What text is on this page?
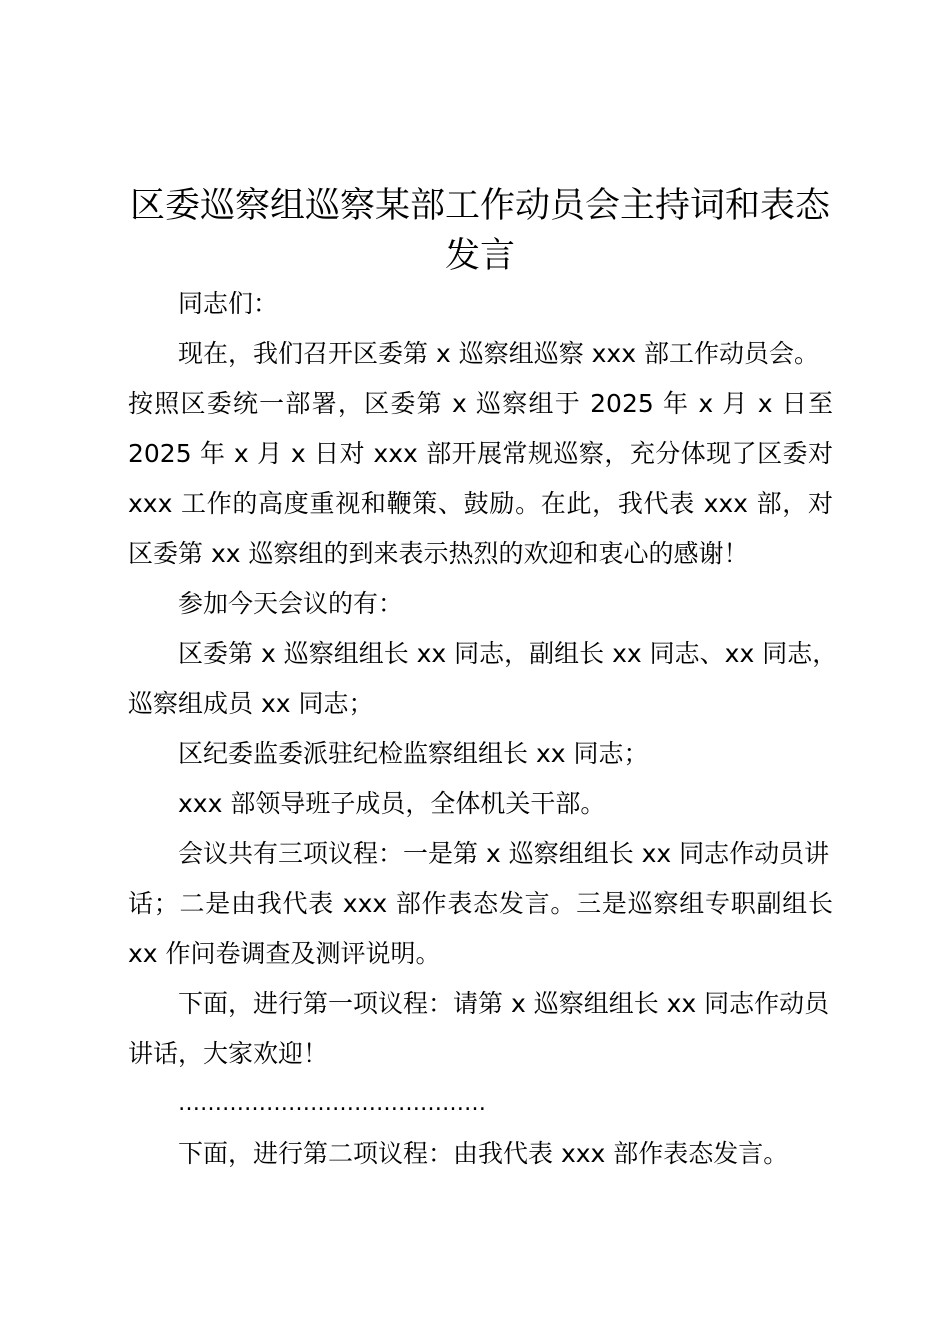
区委巡察组巡察某部工作动员会主持词和表态
发言

同志们：

现在，我们召开区委第 x 巡察组巡察 xxx 部工作动员会。
按照区委统一部署，区委第 x 巡察组于 2025 年 x 月 x 日至
2025 年 x 月 x 日对 xxx 部开展常规巡察，充分体现了区委对
xxx 工作的高度重视和鞭策、鼓励。在此，我代表 xxx 部，对
区委第 xx 巡察组的到来表示热烈的欢迎和衷心的感谢！

参加今天会议的有：

区委第 x 巡察组组长 xx 同志，副组长 xx 同志、xx 同志，
巡察组成员 xx 同志；

区纪委监委派驻纪检监察组组长 xx 同志；

xxx 部领导班子成员，全体机关干部。

会议共有三项议程：一是第 x 巡察组组长 xx 同志作动员讲
话；二是由我代表 xxx 部作表态发言。三是巡察组专职副组长
xx 作问卷调查及测评说明。

下面，进行第一项议程：请第 x 巡察组组长 xx 同志作动员
讲话，大家欢迎！

……………………………………

下面，进行第二项议程：由我代表 xxx 部作表态发言。
